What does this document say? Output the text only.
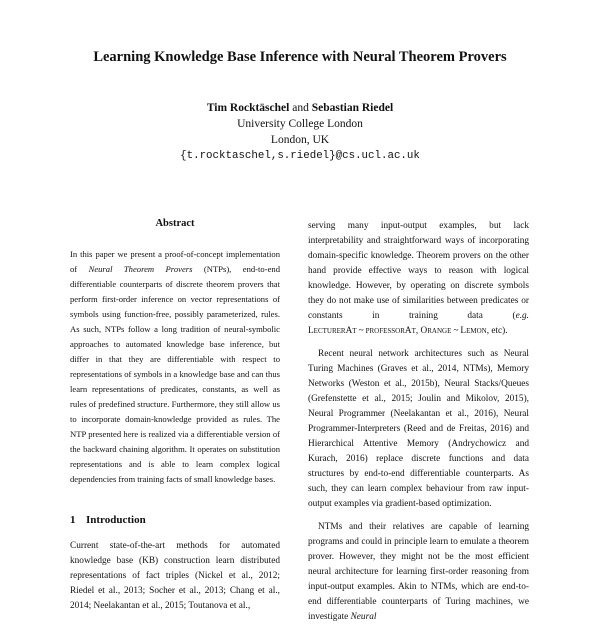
Learning Knowledge Base Inference with Neural Theorem Provers
Tim Rocktäschel and Sebastian Riedel
University College London
London, UK
{t.rocktaschel,s.riedel}@cs.ucl.ac.uk
Abstract

In this paper we present a proof-of-concept implementation of Neural Theorem Provers (NTPs), end-to-end differentiable counterparts of discrete theorem provers that perform first-order inference on vector representations of symbols using function-free, possibly parameterized, rules. As such, NTPs follow a long tradition of neural-symbolic approaches to automated knowledge base inference, but differ in that they are differentiable with respect to representations of symbols in a knowledge base and can thus learn representations of predicates, constants, as well as rules of predefined structure. Furthermore, they still allow us to incorporate domain-knowledge provided as rules. The NTP presented here is realized via a differentiable version of the backward chaining algorithm. It operates on substitution representations and is able to learn complex logical dependencies from training facts of small knowledge bases.

1 Introduction

Current state-of-the-art methods for automated knowledge base (KB) construction learn distributed representations of fact triples (Nickel et al., 2012; Riedel et al., 2013; Socher et al., 2013; Chang et al., 2014; Neelakantan et al., 2015; Toutanova et al.,

serving many input-output examples, but lack interpretability and straightforward ways of incorporating domain-specific knowledge. Theorem provers on the other hand provide effective ways to reason with logical knowledge. However, by operating on discrete symbols they do not make use of similarities between predicates or constants in training data (e.g. LecturerAt ~ professorAt, Orange ~ Lemon, etc).

Recent neural network architectures such as Neural Turing Machines (Graves et al., 2014, NTMs), Memory Networks (Weston et al., 2015b), Neural Stacks/Queues (Grefenstette et al., 2015; Joulin and Mikolov, 2015), Neural Programmer (Neelakantan et al., 2016), Neural Programmer-Interpreters (Reed and de Freitas, 2016) and Hierarchical Attentive Memory (Andrychowicz and Kurach, 2016) replace discrete functions and data structures by end-to-end differentiable counterparts. As such, they can learn complex behaviour from raw input-output examples via gradient-based optimization.

NTMs and their relatives are capable of learning programs and could in principle learn to emulate a theorem prover. However, they might not be the most efficient neural architecture for learning first-order reasoning from input-output examples. Akin to NTMs, which are end-to-end differentiable counterparts of Turing machines, we investigate Neural
